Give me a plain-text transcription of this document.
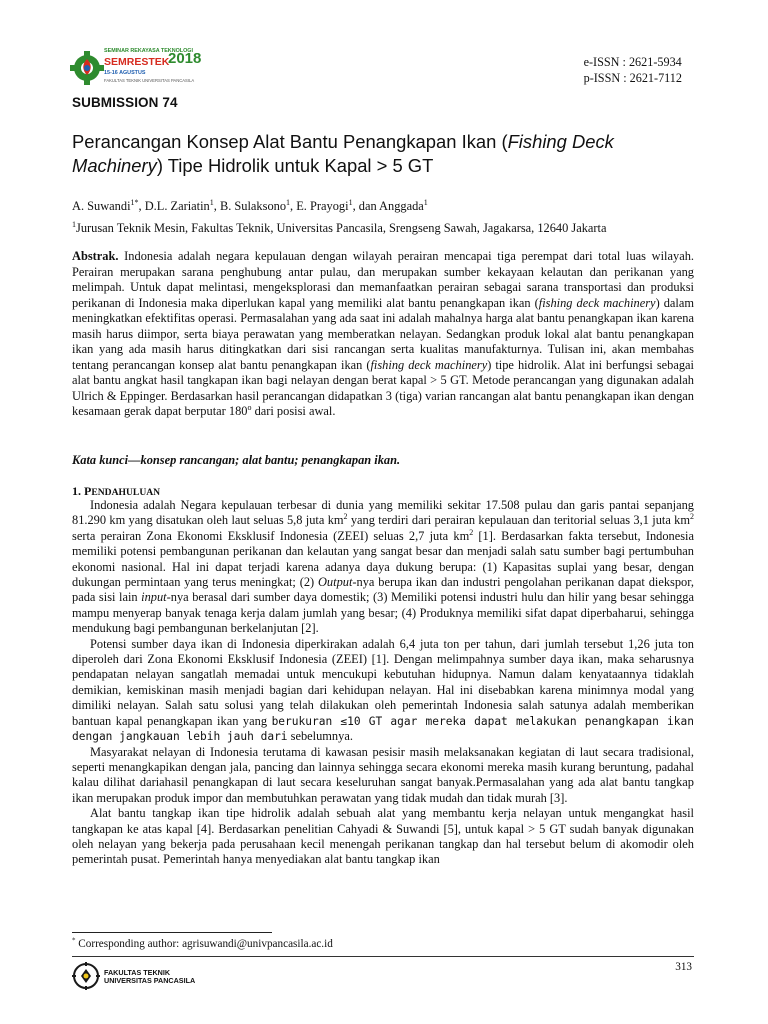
SEMINAR REKAYASA TEKNOLOGI
SEMRESTEK
2018
15-16 AGUSTUS
FAKULTAS TEKNIK UNIVERSITAS PANCASILA
e-ISSN : 2621-5934
p-ISSN : 2621-7112
SUBMISSION 74
Perancangan Konsep Alat Bantu Penangkapan Ikan (Fishing Deck Machinery) Tipe Hidrolik untuk Kapal > 5 GT
A. Suwandi$^{1*}$, D.L. Zariatin$^1$, B. Sulaksono$^1$, E. Prayogi$^1$, dan Anggada$^1$
$^1$Jurusan Teknik Mesin, Fakultas Teknik, Universitas Pancasila, Srengseng Sawah, Jagakarsa, 12640 Jakarta
Abstrak. Indonesia adalah negara kepulauan dengan wilayah perairan mencapai tiga perempat dari total luas wilayah. Perairan merupakan sarana penghubung antar pulau, dan merupakan sumber kekayaan kelautan dan perikanan yang melimpah. Untuk dapat melintasi, mengeksplorasi dan memanfaatkan perairan sebagai sarana transportasi dan produksi perikanan di Indonesia maka diperlukan kapal yang memiliki alat bantu penangkapan ikan (fishing deck machinery) dalam meningkatkan efektifitas operasi. Permasalahan yang ada saat ini adalah mahalnya harga alat bantu penangkapan ikan karena masih harus diimpor, serta biaya perawatan yang memberatkan nelayan. Sedangkan produk lokal alat bantu penangkapan ikan yang ada masih harus ditingkatkan dari sisi rancangan serta kualitas manufakturnya. Tulisan ini, akan membahas tentang perancangan konsep alat bantu penangkapan ikan (fishing deck machinery) tipe hidrolik. Alat ini berfungsi sebagai alat bantu angkat hasil tangkapan ikan bagi nelayan dengan berat kapal > 5 GT. Metode perancangan yang digunakan adalah Ulrich & Eppinger. Berdasarkan hasil perancangan didapatkan 3 (tiga) varian rancangan alat bantu penangkapan ikan dengan kesamaan gerak dapat berputar 180$^o$ dari posisi awal.
Kata kunci—konsep rancangan; alat bantu; penangkapan ikan.
1. PENDAHULUAN

Indonesia adalah Negara kepulauan terbesar di dunia yang memiliki sekitar 17.508 pulau dan garis pantai sepanjang 81.290 km yang disatukan oleh laut seluas 5,8 juta $km^2$ yang terdiri dari perairan kepulauan dan teritorial seluas 3,1 juta $km^2$ serta perairan Zona Ekonomi Eksklusif Indonesia (ZEEI) seluas 2,7 juta $km^2$ [1]. Berdasarkan fakta tersebut, Indonesia memiliki potensi pembangunan perikanan dan kelautan yang sangat besar dan menjadi salah satu sumber bagi pertumbuhan ekonomi nasional. Hal ini dapat terjadi karena adanya daya dukung berupa: (1) Kapasitas suplai yang besar, dengan dukungan permintaan yang terus meningkat; (2) Output-nya berupa ikan dan industri pengolahan perikanan dapat diekspor, pada sisi lain input-nya berasal dari sumber daya domestik; (3) Memiliki potensi industri hulu dan hilir yang besar sehingga mampu menyerap banyak tenaga kerja dalam jumlah yang besar; (4) Produknya memiliki sifat dapat diperbaharui, sehingga mendukung bagi pembangunan berkelanjutan [2].

Potensi sumber daya ikan di Indonesia diperkirakan adalah 6,4 juta ton per tahun, dari jumlah tersebut 1,26 juta ton diperoleh dari Zona Ekonomi Eksklusif Indonesia (ZEEI) [1]. Dengan melimpahnya sumber daya ikan, maka seharusnya pendapatan nelayan sangatlah memadai untuk mencukupi kebutuhan hidupnya. Namun dalam kenyataannya tidaklah demikian, kemiskinan masih menjadi bagian dari kehidupan nelayan. Hal ini disebabkan karena minimnya modal yang dimiliki nelayan. Salah satu solusi yang telah dilakukan oleh pemerintah Indonesia salah satunya adalah memberikan bantuan kapal penangkapan ikan yang berukuran ≤10 GT agar mereka dapat melakukan penangkapan ikan dengan jangkauan lebih jauh dari sebelumnya.

Masyarakat nelayan di Indonesia terutama di kawasan pesisir masih melaksanakan kegiatan di laut secara tradisional, seperti menangkapikan dengan jala, pancing dan lainnya sehingga secara ekonomi mereka masih kurang beruntung, padahal kalau dilihat dariahasil penangkapan di laut secara keseluruhan sangat banyak.Permasalahan yang ada alat bantu tangkap ikan merupakan produk impor dan membutuhkan perawatan yang tidak mudah dan tidak murah [3].

Alat bantu tangkap ikan tipe hidrolik adalah sebuah alat yang membantu kerja nelayan untuk mengangkat hasil tangkapan ke atas kapal [4]. Berdasarkan penelitian Cahyadi & Suwandi [5], untuk kapal > 5 GT sudah banyak digunakan oleh nelayan yang bekerja pada perusahaan kecil menengah perikanan tangkap dan hal tersebut belum di akomodir oleh pemerintah pusat. Pemerintah hanya menyediakan alat bantu tangkap ikan

* Corresponding author: agrisuwandi@univpancasila.ac.id
FAKULTAS TEKNIK
UNIVERSITAS PANCASILA
313
